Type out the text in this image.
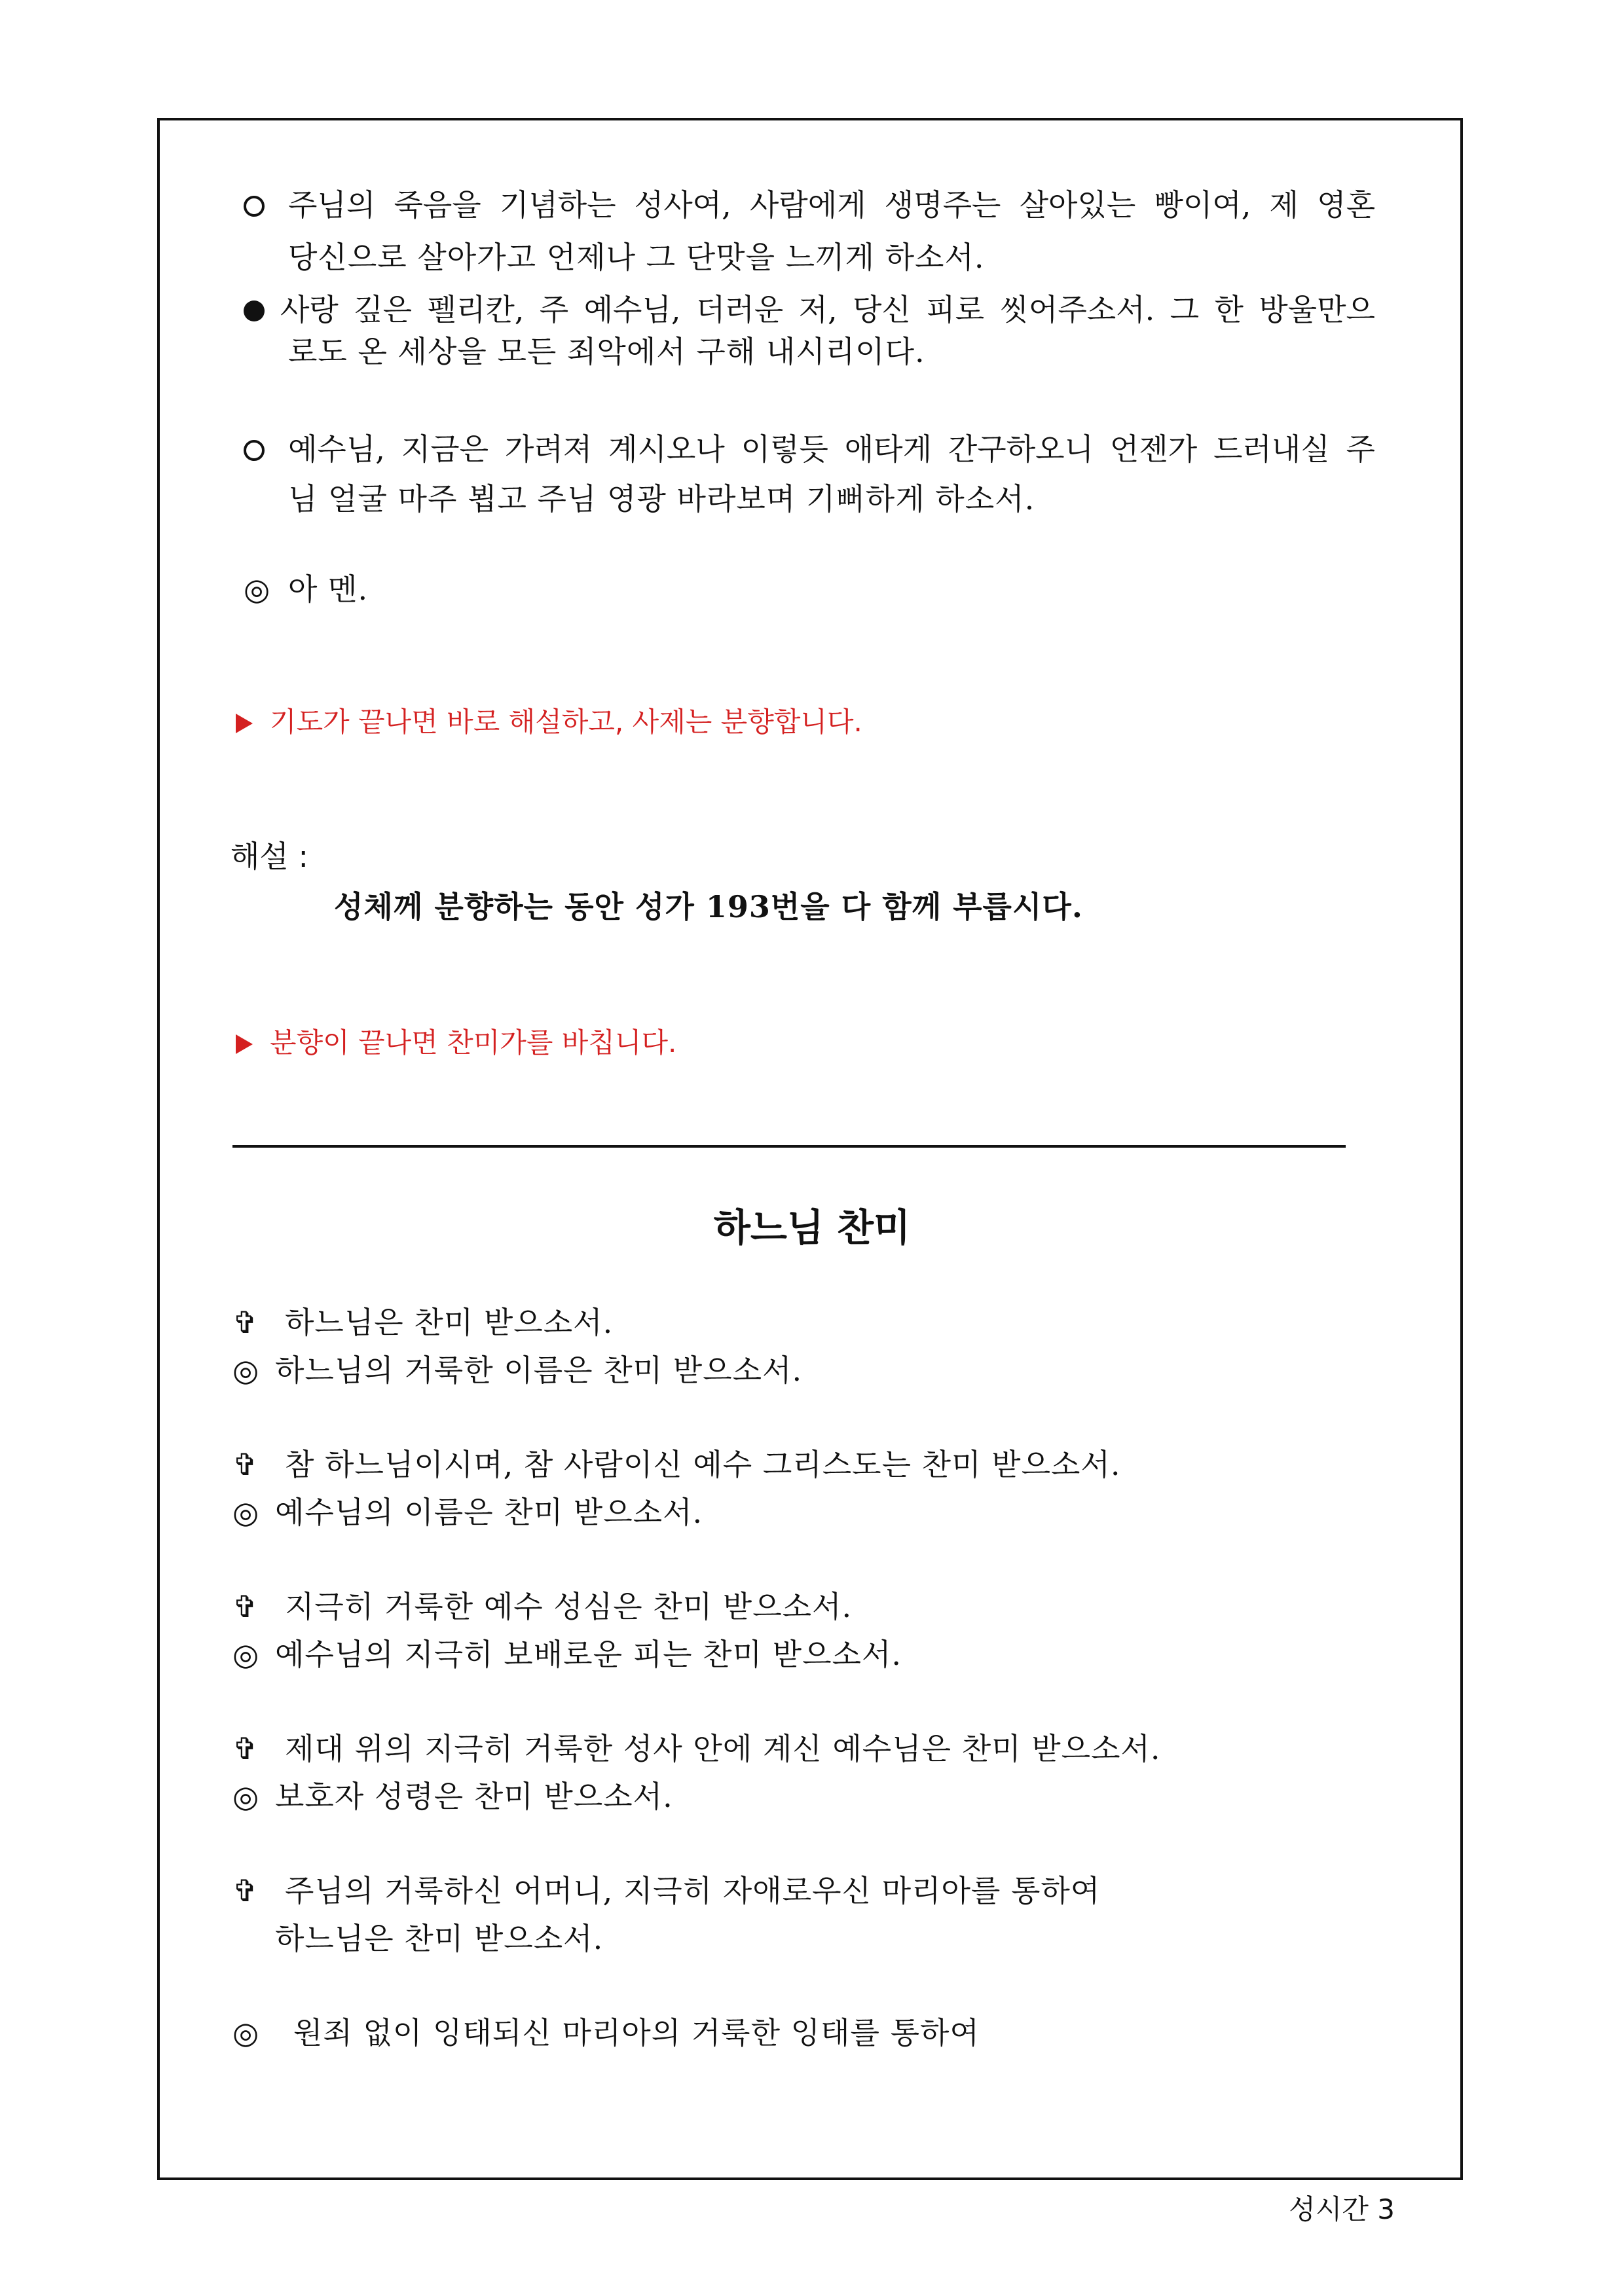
주님의 죽음을 기념하는 성사여, 사람에게 생명주는 살아있는 빵이여, 제 영혼
당신으로 살아가고 언제나 그 단맛을 느끼게 하소서.
사랑 깊은 펠리칸, 주 예수님, 더러운 저, 당신 피로 씻어주소서. 그 한 방울만으
로도 온 세상을 모든 죄악에서 구해 내시리이다.
예수님, 지금은 가려져 계시오나 이렇듯 애타게 간구하오니 언젠가 드러내실 주
님 얼굴 마주 뵙고 주님 영광 바라보며 기뻐하게 하소서.
◎ 아 멘.
기도가 끝나면 바로 해설하고, 사제는 분향합니다.
해설 :
성체께 분향하는 동안 성가 193번을 다 함께 부릅시다.
분향이 끝나면 찬미가를 바칩니다.
하느님 찬미
✞ 하느님은 찬미 받으소서.
◎ 하느님의 거룩한 이름은 찬미 받으소서.
✞ 참 하느님이시며, 참 사람이신 예수 그리스도는 찬미 받으소서.
◎ 예수님의 이름은 찬미 받으소서.
✞ 지극히 거룩한 예수 성심은 찬미 받으소서.
◎ 예수님의 지극히 보배로운 피는 찬미 받으소서.
✞ 제대 위의 지극히 거룩한 성사 안에 계신 예수님은 찬미 받으소서.
◎ 보호자 성령은 찬미 받으소서.
✞ 주님의 거룩하신 어머니, 지극히 자애로우신 마리아를 통하여
하느님은 찬미 받으소서.
◎ 원죄 없이 잉태되신 마리아의 거룩한 잉태를 통하여
성시간 3
